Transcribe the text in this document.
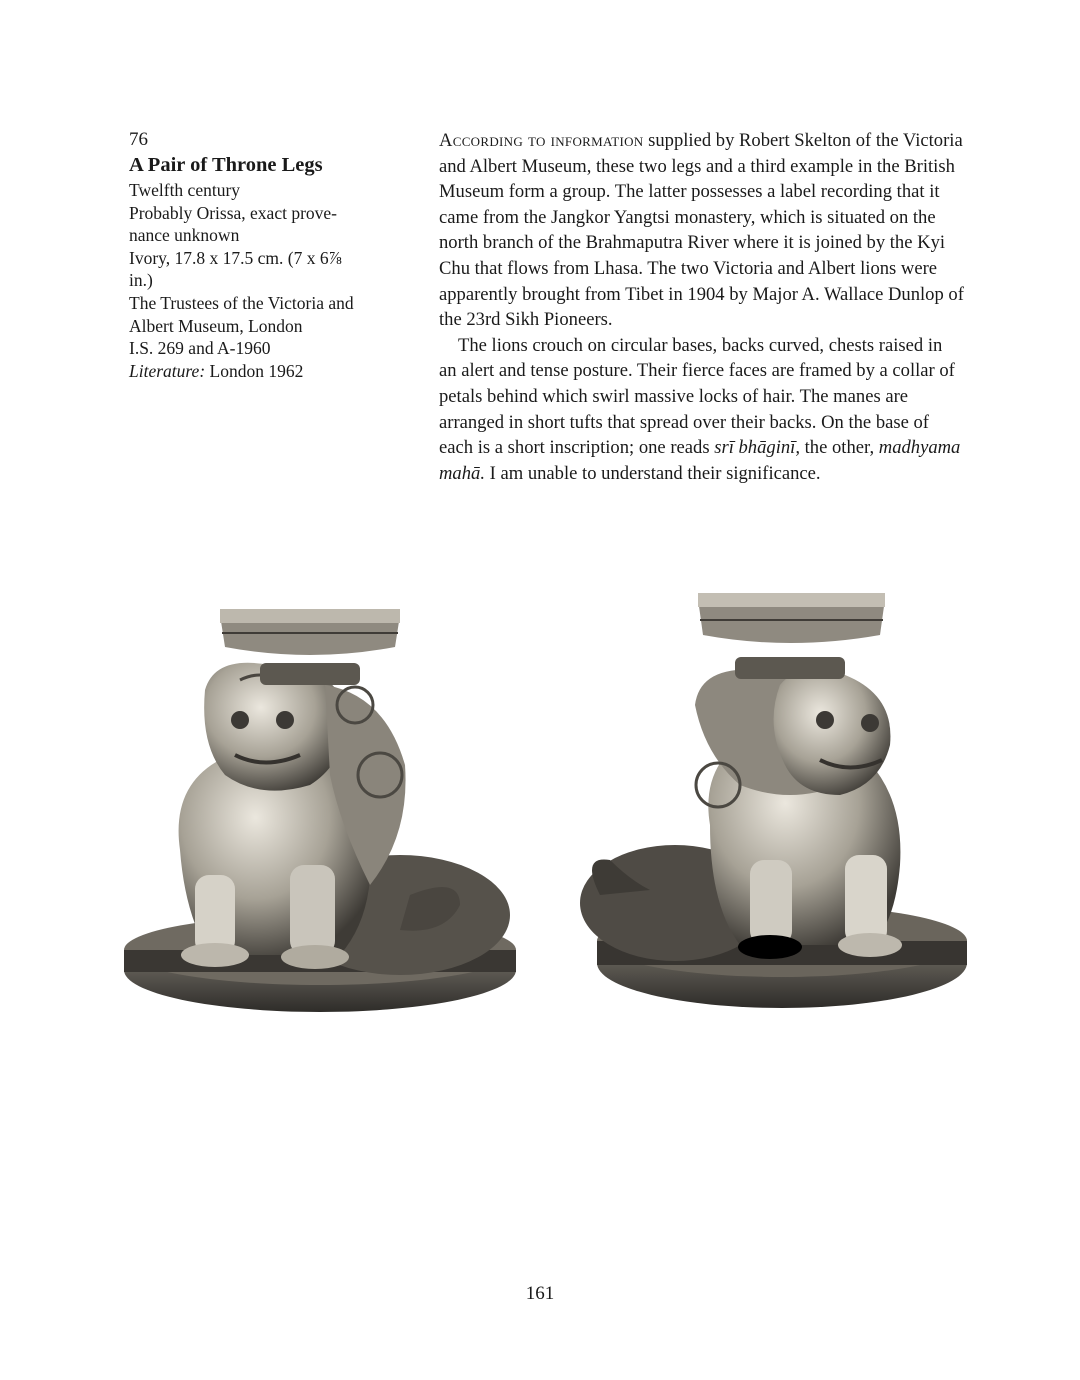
76
A Pair of Throne Legs
Twelfth century
Probably Orissa, exact prove-
nance unknown
Ivory, 17.8 x 17.5 cm. (7 x 6⅞
in.)
The Trustees of the Victoria and
Albert Museum, London
I.S. 269 and A-1960
Literature: London 1962

According to information supplied by Robert Skelton of the Victoria and Albert Museum, these two legs and a third example in the British Museum form a group. The latter possesses a label recording that it came from the Jangkor Yangtsi monastery, which is situated on the north branch of the Brahmaputra River where it is joined by the Kyi Chu that flows from Lhasa. The two Victoria and Albert lions were apparently brought from Tibet in 1904 by Major A. Wallace Dunlop of the 23rd Sikh Pioneers.

The lions crouch on circular bases, backs curved, chests raised in an alert and tense posture. Their fierce faces are framed by a collar of petals behind which swirl massive locks of hair. The manes are arranged in short tufts that spread over their backs. On the base of each is a short inscription; one reads srī bhāginī, the other, madhyama mahā. I am unable to understand their significance.

161
